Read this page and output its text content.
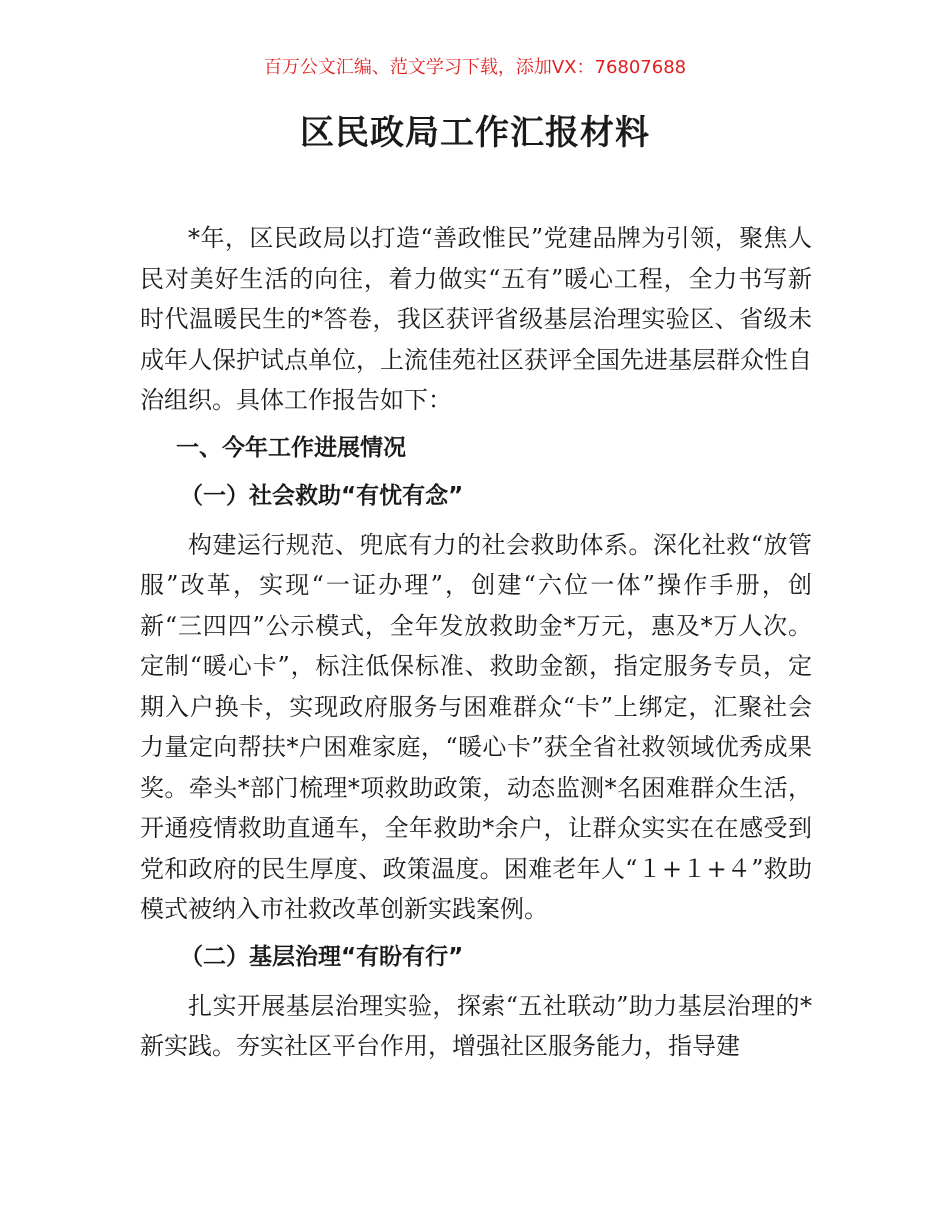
百万公文汇编、范文学习下载，添加VX：76807688
区民政局工作汇报材料

*年，区民政局以打造“善政惟民”党建品牌为引领，聚焦人民对美好生活的向往，着力做实“五有”暖心工程，全力书写新时代温暖民生的*答卷，我区获评省级基层治理实验区、省级未成年人保护试点单位，上流佳苑社区获评全国先进基层群众性自治组织。具体工作报告如下：

一、今年工作进展情况
（一）社会救助“有忧有念”

构建运行规范、兜底有力的社会救助体系。深化社救“放管服”改革，实现“一证办理”，创建“六位一体”操作手册，创新“三四四”公示模式，全年发放救助金*万元，惠及*万人次。定制“暖心卡”，标注低保标准、救助金额，指定服务专员，定期入户换卡，实现政府服务与困难群众“卡”上绑定，汇聚社会力量定向帮扶*户困难家庭，“暖心卡”获全省社救领域优秀成果奖。牵头*部门梳理*项救助政策，动态监测*名困难群众生活，开通疫情救助直通车，全年救助*余户，让群众实实在在感受到党和政府的民生厚度、政策温度。困难老年人“１+１+４”救助模式被纳入市社救改革创新实践案例。

（二）基层治理“有盼有行”

扎实开展基层治理实验，探索“五社联动”助力基层治理的*新实践。夯实社区平台作用，增强社区服务能力，指导建
